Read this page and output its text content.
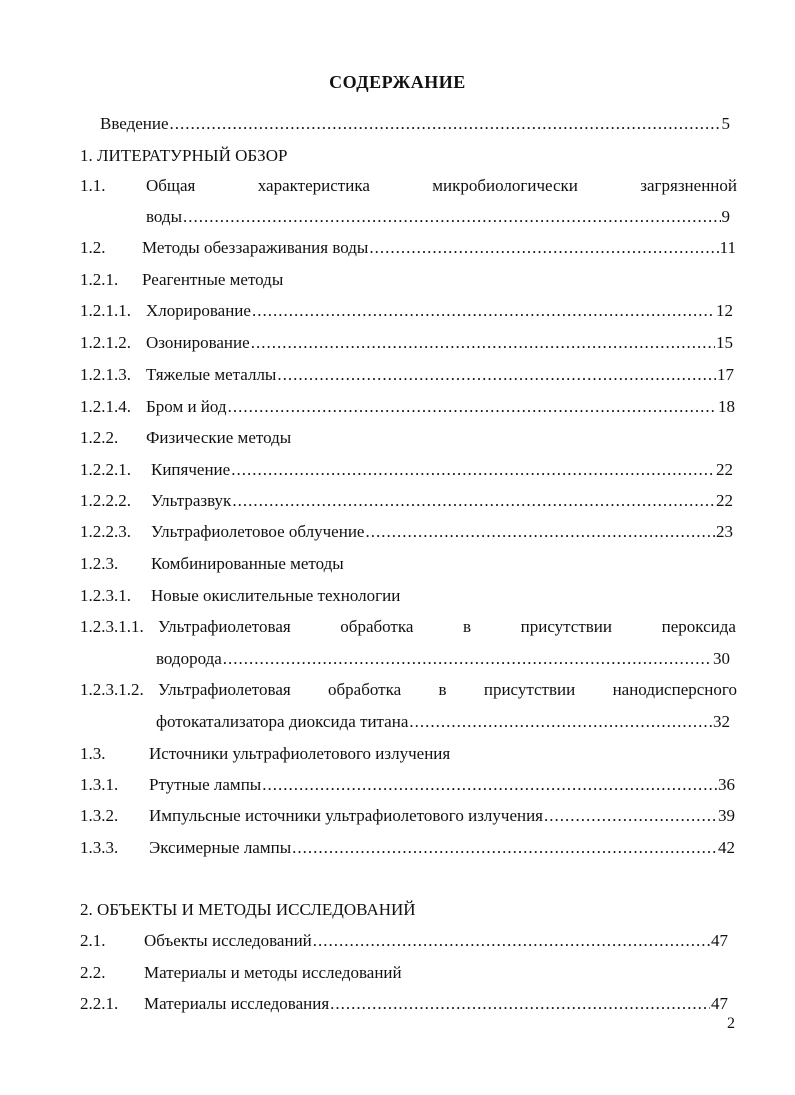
СОДЕРЖАНИЕ
Введение .....	5
1. ЛИТЕРАТУРНЫЙ ОБЗОР
1.1.	Общая	характеристика	микробиологически	загрязненной
воды .....	9
1.2.	Методы обеззараживания воды .....	11
1.2.1.	Реагентные методы
1.2.1.1. Хлорирование .....	12
1.2.1.2. Озонирование .....	15
1.2.1.3. Тяжелые металлы .....	17
1.2.1.4. Бром и йод .....	18
1.2.2.	Физические методы
1.2.2.1.	Кипячение .....	22
1.2.2.2.	Ультразвук .....	22
1.2.2.3.	Ультрафиолетовое облучение .....	23
1.2.3.	Комбинированные методы
1.2.3.1.	Новые окислительные технологии
1.2.3.1.1. Ультрафиолетовая	обработка	в	присутствии	пероксида
водорода .....	30
1.2.3.1.2. Ультрафиолетовая обработка в присутствии нанодисперсного
фотокатализатора диоксида титана .....	32
1.3.	Источники ультрафиолетового излучения
1.3.1.	Ртутные лампы .....	36
1.3.2.	Импульсные источники ультрафиолетового излучения .....	39
1.3.3.	Эксимерные лампы .....	42
2. ОБЪЕКТЫ И МЕТОДЫ ИССЛЕДОВАНИЙ
2.1.	Объекты исследований .....	47
2.2.	Материалы и методы исследований
2.2.1.	Материалы исследования .....	47
2
